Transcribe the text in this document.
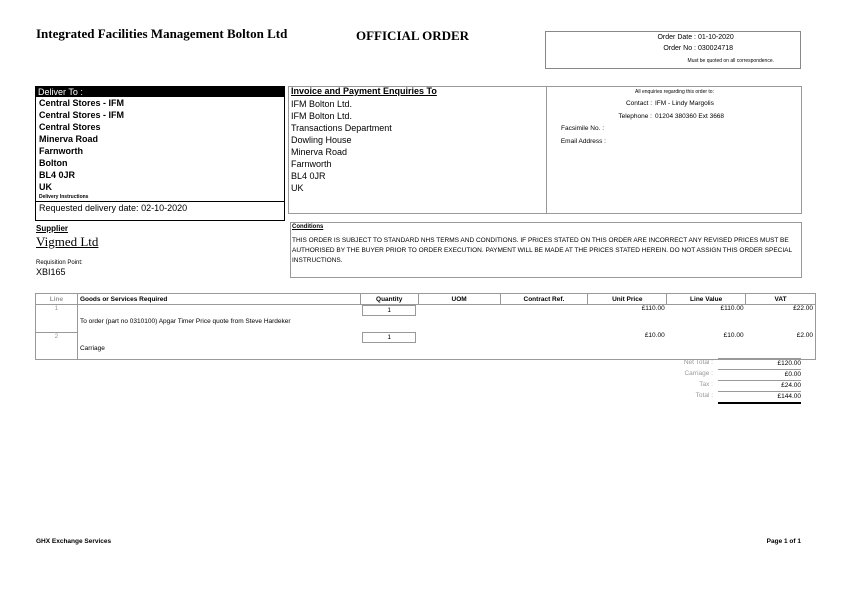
Integrated Facilities Management Bolton Ltd	OFFICIAL ORDER	Order Date : 01-10-2020
Order No : 030024718
Must be quoted on all correspondence.
Deliver To :
Central Stores - IFM
Central Stores - IFM
Central Stores
Minerva Road
Farnworth
Bolton
BL4 0JR
UK
Delivery Instructions
Requested delivery date: 02-10-2020
Invoice and Payment Enquiries To
IFM Bolton Ltd.
IFM Bolton Ltd.
Transactions Department
Dowling House
Minerva Road
Farnworth
BL4 0JR
UK
All enquiries regarding this order to:
Contact : IFM - Lindy Margolis
Telephone : 01204 380360 Ext 3668
Facsimile No. :
Email Address :
Supplier
Vigmed Ltd
Requisition Point:
XBI165
Conditions
THIS ORDER IS SUBJECT TO STANDARD NHS TERMS AND CONDITIONS. IF PRICES STATED ON THIS ORDER ARE INCORRECT ANY REVISED PRICES MUST BE AUTHORISED BY THE BUYER PRIOR TO ORDER EXECUTION. PAYMENT WILL BE MADE AT THE PRICES STATED HEREIN. DO NOT ASSIGN THIS ORDER SPECIAL INSTRUCTIONS.
Line	Goods or Services Required	Quantity	UOM	Contract Ref.	Unit Price	Line Value	VAT
1		1			£110.00	£110.00	£22.00
	To order (part no 0310100) Apgar Timer Price quote from Steve Hardeker						
2		1			£10.00	£10.00	£2.00
	Carriage						
Net Total :	£120.00
Carriage :	£0.00
Tax :	£24.00
Total :	£144.00
GHX Exchange Services	Page 1 of 1
